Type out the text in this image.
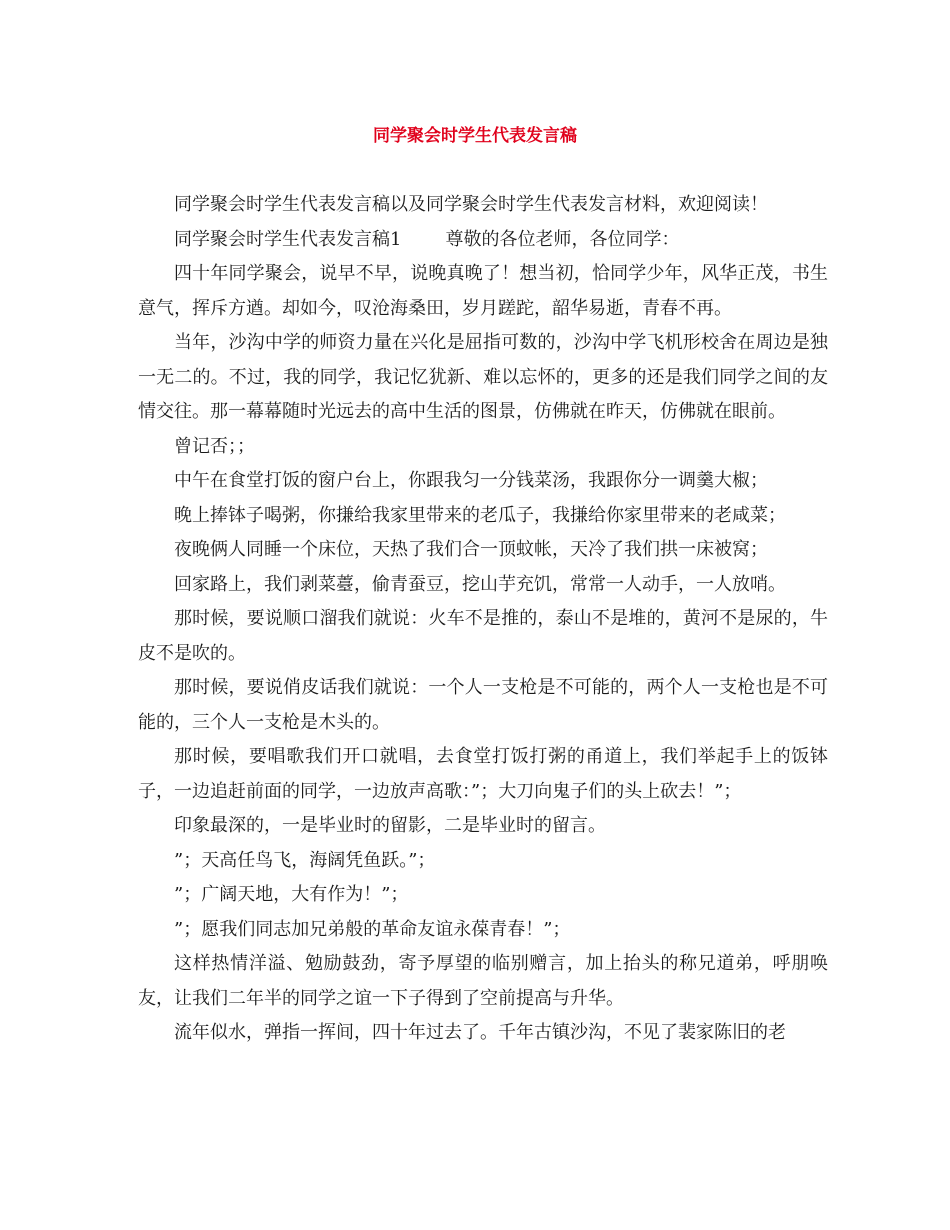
同学聚会时学生代表发言稿

同学聚会时学生代表发言稿以及同学聚会时学生代表发言材料，欢迎阅读！

同学聚会时学生代表发言稿1 尊敬的各位老师，各位同学：

四十年同学聚会，说早不早，说晚真晚了！想当初，恰同学少年，风华正茂，书生意气，挥斥方遒。却如今，叹沧海桑田，岁月蹉跎，韶华易逝，青春不再。

当年，沙沟中学的师资力量在兴化是屈指可数的，沙沟中学飞机形校舍在周边是独一无二的。不过，我的同学，我记忆犹新、难以忘怀的，更多的还是我们同学之间的友情交往。那一幕幕随时光远去的高中生活的图景，仿佛就在昨天，仿佛就在眼前。

曾记否；；

中午在食堂打饭的窗户台上，你跟我匀一分钱菜汤，我跟你分一调羹大椒；

晚上捧钵子喝粥，你搛给我家里带来的老瓜子，我搛给你家里带来的老咸菜；

夜晚俩人同睡一个床位，天热了我们合一顶蚊帐，天冷了我们拱一床被窝；

回家路上，我们剥菜薹，偷青蚕豆，挖山芋充饥，常常一人动手，一人放哨。

那时候，要说顺口溜我们就说：火车不是推的，泰山不是堆的，黄河不是尿的，牛皮不是吹的。

那时候，要说俏皮话我们就说：一个人一支枪是不可能的，两个人一支枪也是不可能的，三个人一支枪是木头的。

那时候，要唱歌我们开口就唱，去食堂打饭打粥的甬道上，我们举起手上的饭钵子，一边追赶前面的同学，一边放声高歌：”；大刀向鬼子们的头上砍去！”；

印象最深的，一是毕业时的留影，二是毕业时的留言。

”；天高任鸟飞，海阔凭鱼跃。”；

”；广阔天地，大有作为！”；

”；愿我们同志加兄弟般的革命友谊永葆青春！”；

这样热情洋溢、勉励鼓劲，寄予厚望的临别赠言，加上抬头的称兄道弟，呼朋唤友，让我们二年半的同学之谊一下子得到了空前提高与升华。

流年似水，弹指一挥间，四十年过去了。千年古镇沙沟，不见了裴家陈旧的老
